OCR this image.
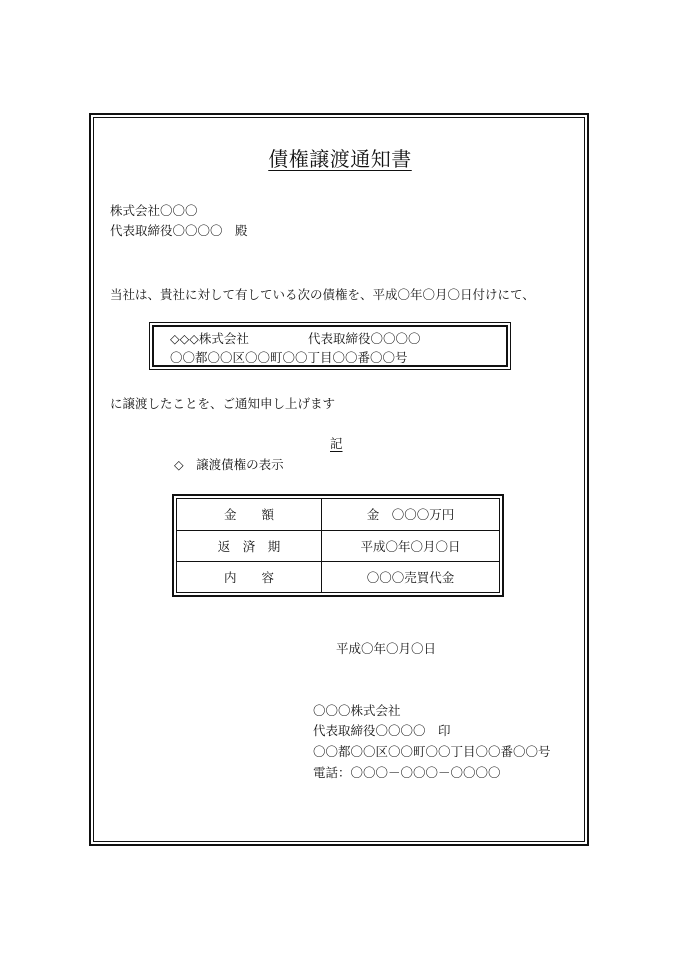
債権譲渡通知書
株式会社〇〇〇
代表取締役〇〇〇〇　殿
当社は、貴社に対して有している次の債権を、平成〇年〇月〇日付けにて、
◇◇◇株式会社	代表取締役〇〇〇〇
〇〇都〇〇区〇〇町〇〇丁目〇〇番〇〇号
に譲渡したことを、ご通知申し上げます
記
◇　譲渡債権の表示
金　　額	金　〇〇〇万円
返　済　期	平成〇年〇月〇日
内　　容	〇〇〇売買代金
平成〇年〇月〇日
〇〇〇株式会社
代表取締役〇〇〇〇　印
〇〇都〇〇区〇〇町〇〇丁目〇〇番〇〇号
電話：〇〇〇－〇〇〇－〇〇〇〇
